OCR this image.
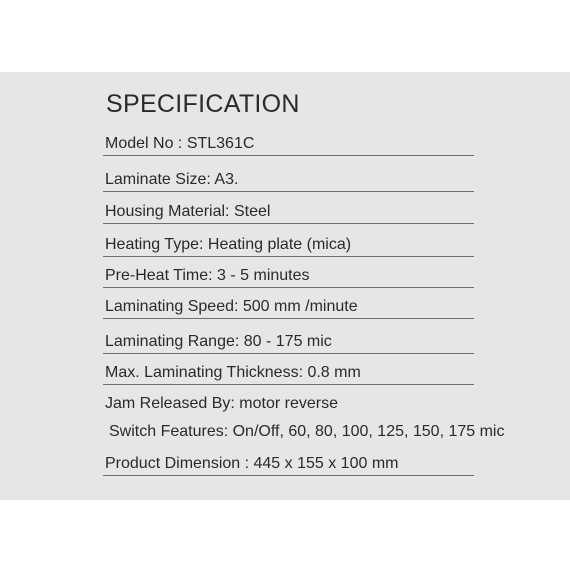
SPECIFICATION
Model No : STL361C
Laminate Size: A3.
Housing Material: Steel
Heating Type: Heating plate (mica)
Pre-Heat Time: 3 - 5 minutes
Laminating Speed: 500 mm /minute
Laminating Range: 80 - 175 mic
Max. Laminating Thickness: 0.8 mm
Jam Released By: motor reverse
Switch Features: On/Off, 60, 80, 100, 125, 150, 175 mic
Product Dimension : 445 x 155 x 100 mm
